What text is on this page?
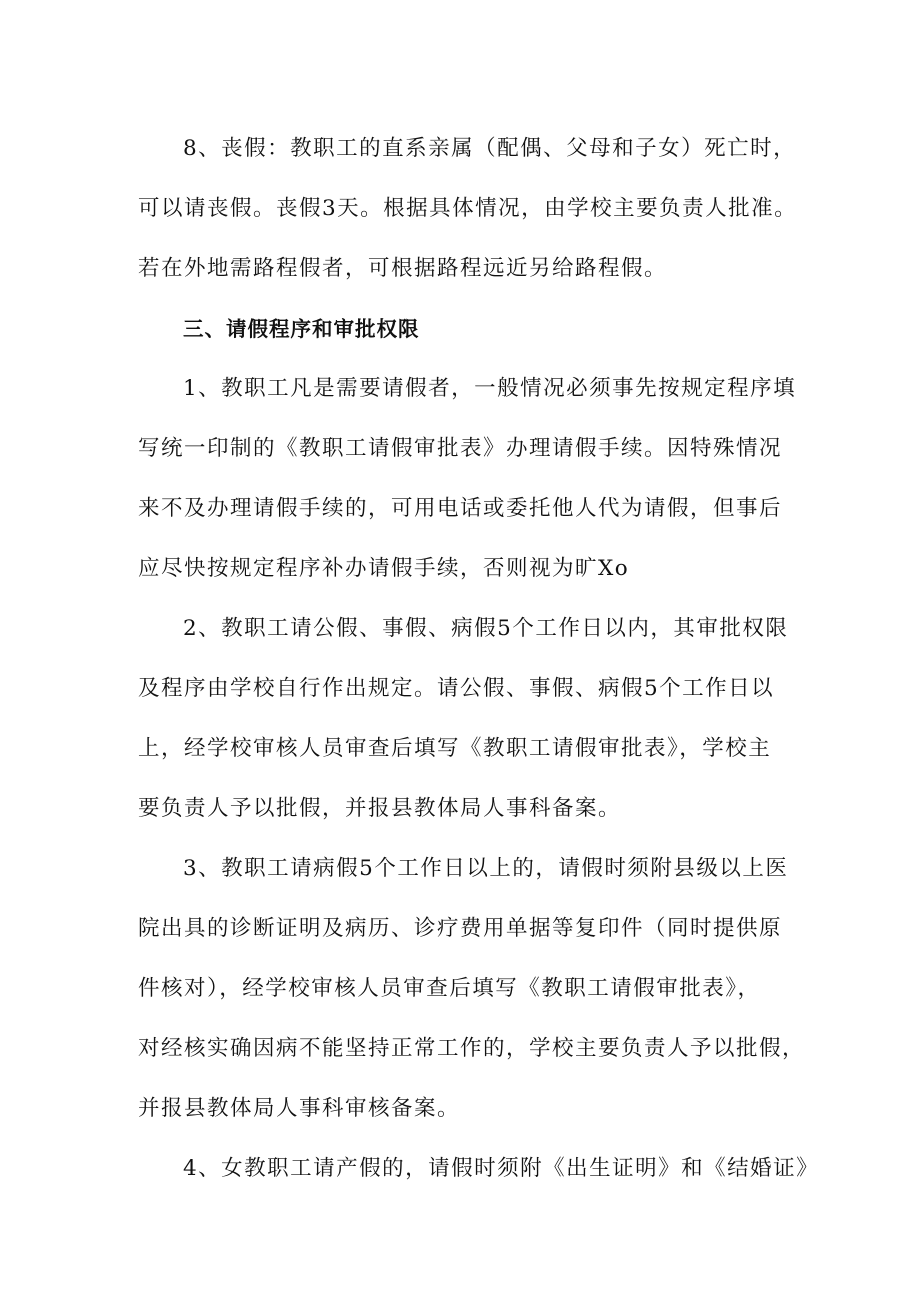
8、丧假：教职工的直系亲属（配偶、父母和子女）死亡时，
可以请丧假。丧假3天。根据具体情况，由学校主要负责人批准。
若在外地需路程假者，可根据路程远近另给路程假。
三、请假程序和审批权限
1、教职工凡是需要请假者，一般情况必须事先按规定程序填
写统一印制的《教职工请假审批表》办理请假手续。因特殊情况
来不及办理请假手续的，可用电话或委托他人代为请假，但事后
应尽快按规定程序补办请假手续，否则视为旷Xo
2、教职工请公假、事假、病假5个工作日以内，其审批权限
及程序由学校自行作出规定。请公假、事假、病假5个工作日以
上，经学校审核人员审查后填写《教职工请假审批表》，学校主
要负责人予以批假，并报县教体局人事科备案。
3、教职工请病假5个工作日以上的，请假时须附县级以上医
院出具的诊断证明及病历、诊疗费用单据等复印件（同时提供原
件核对），经学校审核人员审查后填写《教职工请假审批表》，
对经核实确因病不能坚持正常工作的，学校主要负责人予以批假，
并报县教体局人事科审核备案。
4、女教职工请产假的，请假时须附《出生证明》和《结婚证》
